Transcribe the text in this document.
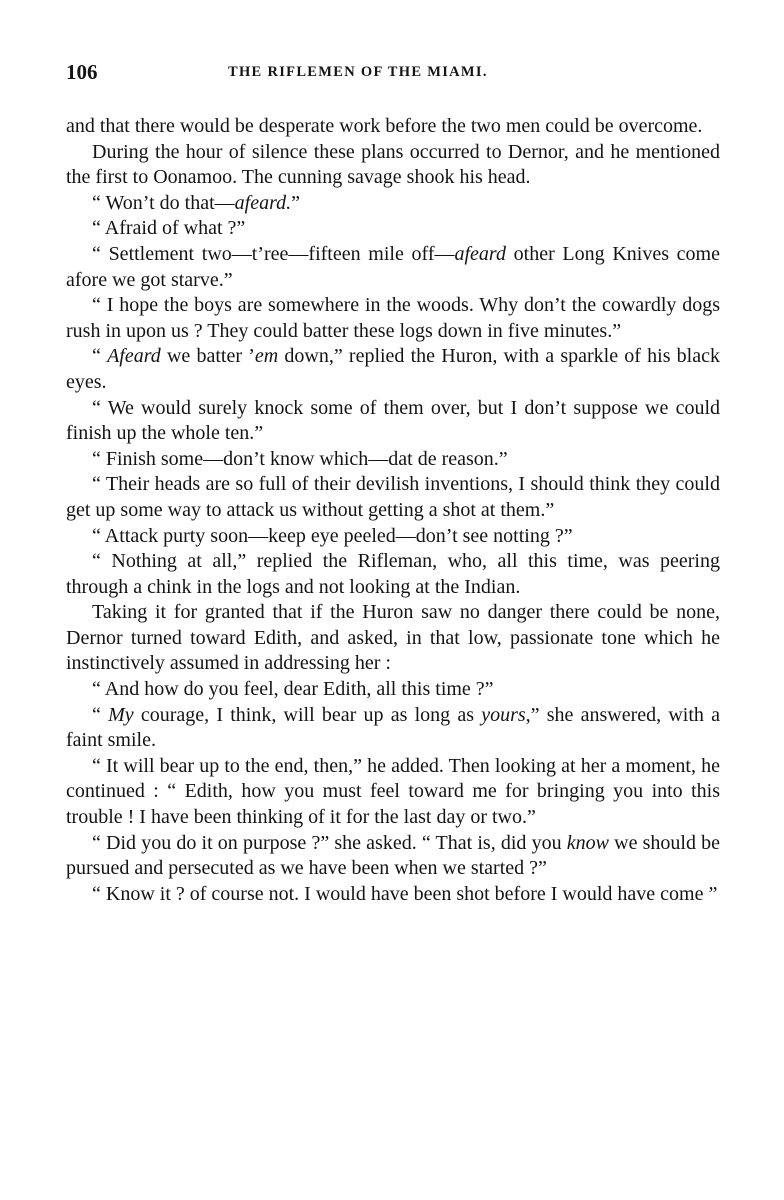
106	THE RIFLEMEN OF THE MIAMI.

and that there would be desperate work before the two men could be overcome.

During the hour of silence these plans occurred to Dernor, and he mentioned the first to Oonamoo. The cunning savage shook his head.

“ Won’t do that—afeard.”

“ Afraid of what ?”

“ Settlement two—t’ree—fifteen mile off—afeard other Long Knives come afore we got starve.”

“ I hope the boys are somewhere in the woods. Why don’t the cowardly dogs rush in upon us ? They could batter these logs down in five minutes.”

“ Afeard we batter ’em down,” replied the Huron, with a sparkle of his black eyes.

“ We would surely knock some of them over, but I don’t suppose we could finish up the whole ten.”

“ Finish some—don’t know which—dat de reason.”

“ Their heads are so full of their devilish inventions, I should think they could get up some way to attack us without getting a shot at them.”

“ Attack purty soon—keep eye peeled—don’t see notting ?”

“ Nothing at all,” replied the Rifleman, who, all this time, was peering through a chink in the logs and not looking at the Indian.

Taking it for granted that if the Huron saw no danger there could be none, Dernor turned toward Edith, and asked, in that low, passionate tone which he instinctively assumed in addressing her :

“ And how do you feel, dear Edith, all this time ?”

“ My courage, I think, will bear up as long as yours,” she answered, with a faint smile.

“ It will bear up to the end, then,” he added. Then looking at her a moment, he continued : “ Edith, how you must feel toward me for bringing you into this trouble ! I have been thinking of it for the last day or two.”

“ Did you do it on purpose ?” she asked. “ That is, did you know we should be pursued and persecuted as we have been when we started ?”

“ Know it ? of course not. I would have been shot before I would have come ”
